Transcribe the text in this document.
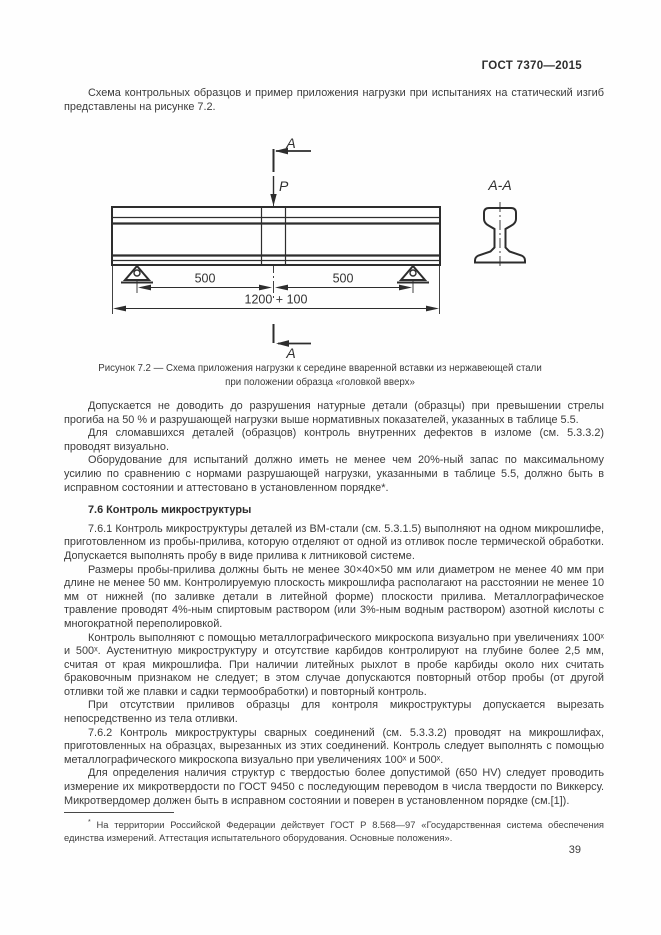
ГОСТ 7370—2015

Схема контрольных образцов и пример приложения нагрузки при испытаниях на статический изгиб представлены на рисунке 7.2.

A
P
500	500
1200 + 100
A
A-A
Рисунок 7.2 — Схема приложения нагрузки к середине вваренной вставки из нержавеющей стали
при положении образца «головкой вверх»

Допускается не доводить до разрушения натурные детали (образцы) при превышении стрелы прогиба на 50 % и разрушающей нагрузки выше нормативных показателей, указанных в таблице 5.5.

Для сломавшихся деталей (образцов) контроль внутренних дефектов в изломе (см. 5.3.3.2) проводят визуально.

Оборудование для испытаний должно иметь не менее чем 20%-ный запас по максимальному усилию по сравнению с нормами разрушающей нагрузки, указанными в таблице 5.5, должно быть в исправном состоянии и аттестовано в установленном порядке*.

7.6 Контроль микроструктуры

7.6.1 Контроль микроструктуры деталей из ВМ-стали (см. 5.3.1.5) выполняют на одном микрошлифе, приготовленном из пробы-прилива, которую отделяют от одной из отливок после термической обработки. Допускается выполнять пробу в виде прилива к литниковой системе.

Размеры пробы-прилива должны быть не менее 30×40×50 мм или диаметром не менее 40 мм при длине не менее 50 мм. Контролируемую плоскость микрошлифа располагают на расстоянии не менее 10 мм от нижней (по заливке детали в литейной форме) плоскости прилива. Металлографическое травление проводят 4%-ным спиртовым раствором (или 3%-ным водным раствором) азотной кислоты с многократной переполировкой.

Контроль выполняют с помощью металлографического микроскопа визуально при увеличениях 100ˣ и 500ˣ. Аустенитную микроструктуру и отсутствие карбидов контролируют на глубине более 2,5 мм, считая от края микрошлифа. При наличии литейных рыхлот в пробе карбиды около них считать браковочным признаком не следует; в этом случае допускаются повторный отбор пробы (от другой отливки той же плавки и садки термообработки) и повторный контроль.

При отсутствии приливов образцы для контроля микроструктуры допускается вырезать непосредственно из тела отливки.

7.6.2 Контроль микроструктуры сварных соединений (см. 5.3.3.2) проводят на микрошлифах, приготовленных на образцах, вырезанных из этих соединений. Контроль следует выполнять с помощью металлографического микроскопа визуально при увеличениях 100ˣ и 500ˣ.

Для определения наличия структур с твердостью более допустимой (650 HV) следует проводить измерение их микротвердости по ГОСТ 9450 с последующим переводом в числа твердости по Виккерсу. Микротвердомер должен быть в исправном состоянии и поверен в установленном порядке (см.[1]).

* На территории Российской Федерации действует ГОСТ Р 8.568—97 «Государственная система обеспечения единства измерений. Аттестация испытательного оборудования. Основные положения».
39
